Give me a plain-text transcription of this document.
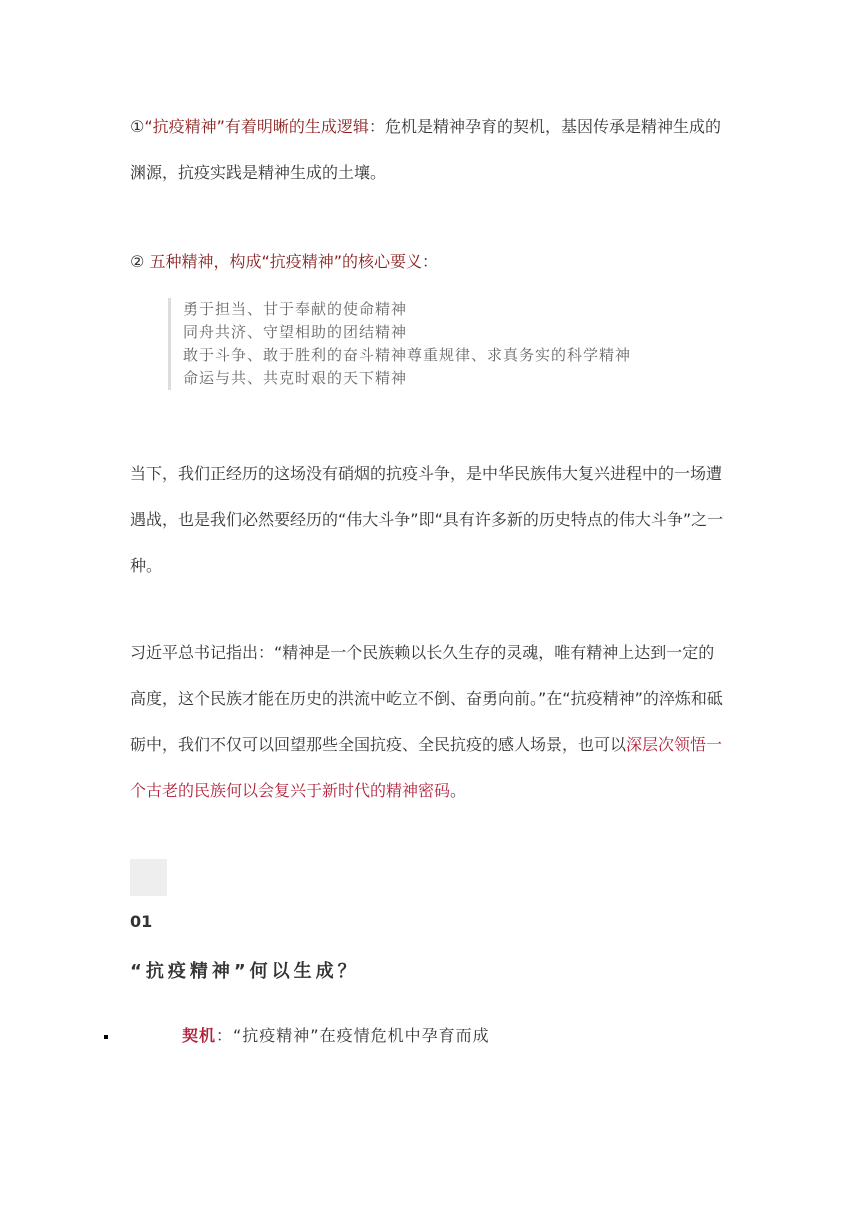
①“抗疫精神”有着明晰的生成逻辑：危机是精神孕育的契机，基因传承是精神生成的渊源，抗疫实践是精神生成的土壤。

② 五种精神，构成“抗疫精神”的核心要义：

勇于担当、甘于奉献的使命精神
同舟共济、守望相助的团结精神
敢于斗争、敢于胜利的奋斗精神尊重规律、求真务实的科学精神
命运与共、共克时艰的天下精神

当下，我们正经历的这场没有硝烟的抗疫斗争，是中华民族伟大复兴进程中的一场遭遇战，也是我们必然要经历的“伟大斗争”即“具有许多新的历史特点的伟大斗争”之一种。

习近平总书记指出：“精神是一个民族赖以长久生存的灵魂，唯有精神上达到一定的高度，这个民族才能在历史的洪流中屹立不倒、奋勇向前。”在“抗疫精神”的淬炼和砥砺中，我们不仅可以回望那些全国抗疫、全民抗疫的感人场景，也可以深层次领悟一个古老的民族何以会复兴于新时代的精神密码。

01
“抗疫精神”何以生成？
契机：“抗疫精神”在疫情危机中孕育而成
